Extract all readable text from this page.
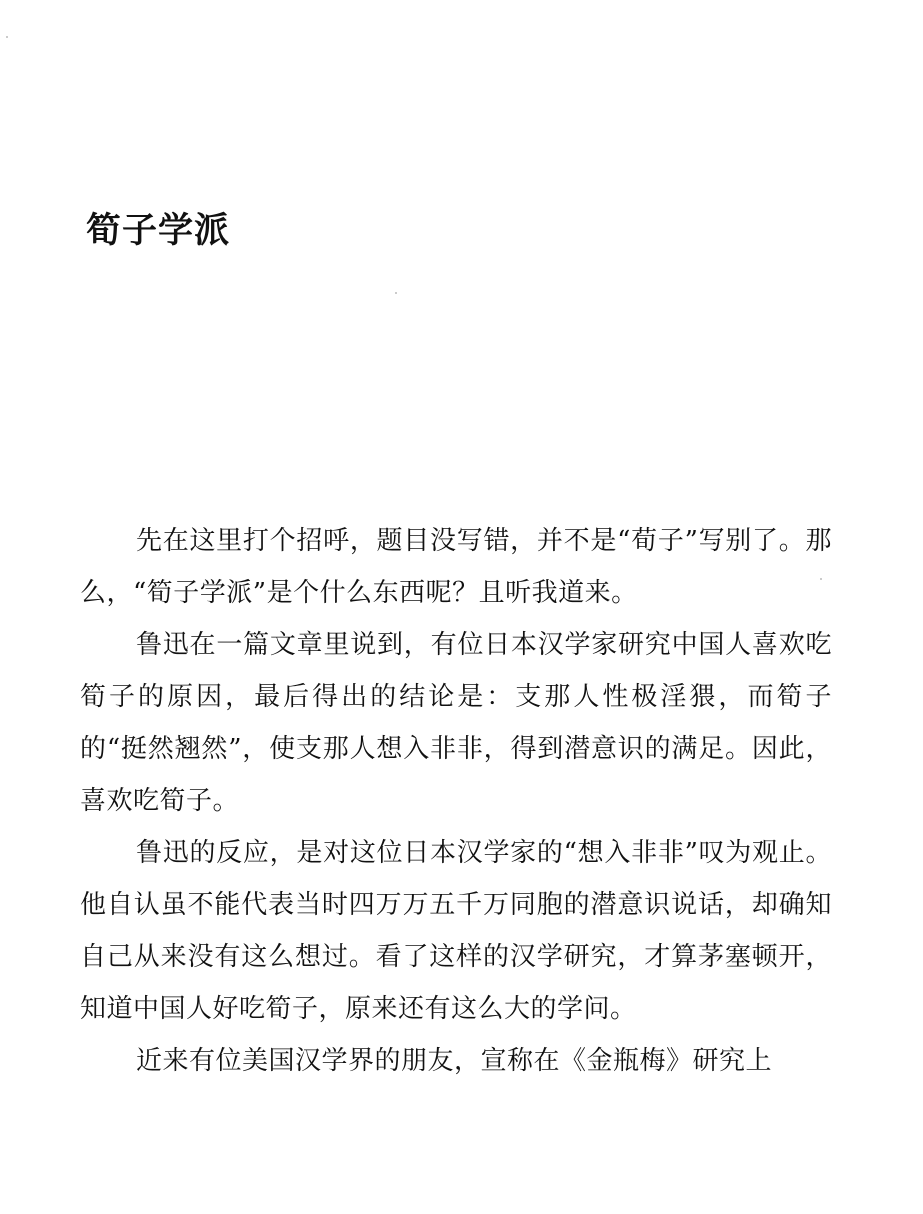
筍子学派

先在这里打个招呼，题目没写错，并不是“荀子”写别了。那么，“筍子学派”是个什么东西呢？且听我道来。

鲁迅在一篇文章里说到，有位日本汉学家研究中国人喜欢吃筍子的原因，最后得出的结论是：支那人性极淫猥，而筍子的“挺然翘然”，使支那人想入非非，得到潜意识的满足。因此，喜欢吃筍子。

鲁迅的反应，是对这位日本汉学家的“想入非非”叹为观止。他自认虽不能代表当时四万万五千万同胞的潜意识说话，却确知自己从来没有这么想过。看了这样的汉学研究，才算茅塞顿开，知道中国人好吃筍子，原来还有这么大的学问。

近来有位美国汉学界的朋友，宣称在《金瓶梅》研究上
